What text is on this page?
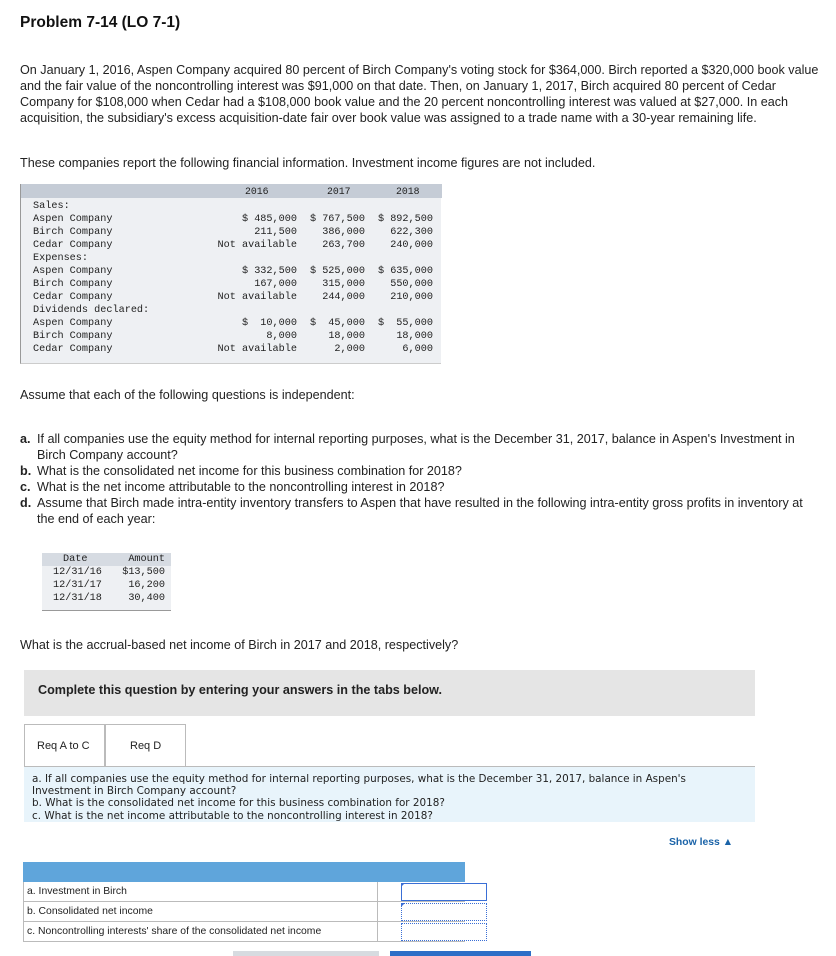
Problem 7-14 (LO 7-1)
On January 1, 2016, Aspen Company acquired 80 percent of Birch Company's voting stock for $364,000. Birch reported a $320,000 book value and the fair value of the noncontrolling interest was $91,000 on that date. Then, on January 1, 2017, Birch acquired 80 percent of Cedar Company for $108,000 when Cedar had a $108,000 book value and the 20 percent noncontrolling interest was valued at $27,000. In each acquisition, the subsidiary's excess acquisition-date fair over book value was assigned to a trade name with a 30-year remaining life.
These companies report the following financial information. Investment income figures are not included.
2016	2017	2018
Sales:
Aspen Company	$ 485,000 $ 767,500 $ 892,500
Birch Company	211,500 386,000 622,300
Cedar Company	Not available 263,700 240,000
Expenses:
Aspen Company	$ 332,500 $ 525,000 $ 635,000
Birch Company	167,000 315,000 550,000
Cedar Company	Not available 244,000 210,000
Dividends declared:
Aspen Company	$  10,000 $  45,000 $  55,000
Birch Company	8,000	18,000	18,000
Cedar Company	Not available	2,000	6,000
Assume that each of the following questions is independent:
a. If all companies use the equity method for internal reporting purposes, what is the December 31, 2017, balance in Aspen's Investment in Birch Company account?
b. What is the consolidated net income for this business combination for 2018?
c. What is the net income attributable to the noncontrolling interest in 2018?
d. Assume that Birch made intra-entity inventory transfers to Aspen that have resulted in the following intra-entity gross profits in inventory at the end of each year:
Date	Amount
12/31/16 $13,500
12/31/17	16,200
12/31/18	30,400
What is the accrual-based net income of Birch in 2017 and 2018, respectively?
Complete this question by entering your answers in the tabs below.
Req A to C	Req D
a. If all companies use the equity method for internal reporting purposes, what is the December 31, 2017, balance in Aspen's
Investment in Birch Company account?
b. What is the consolidated net income for this business combination for 2018?
c. What is the net income attributable to the noncontrolling interest in 2018?
Show less ▲
a. Investment in Birch
b. Consolidated net income
c. Noncontrolling interests' share of the consolidated net income
